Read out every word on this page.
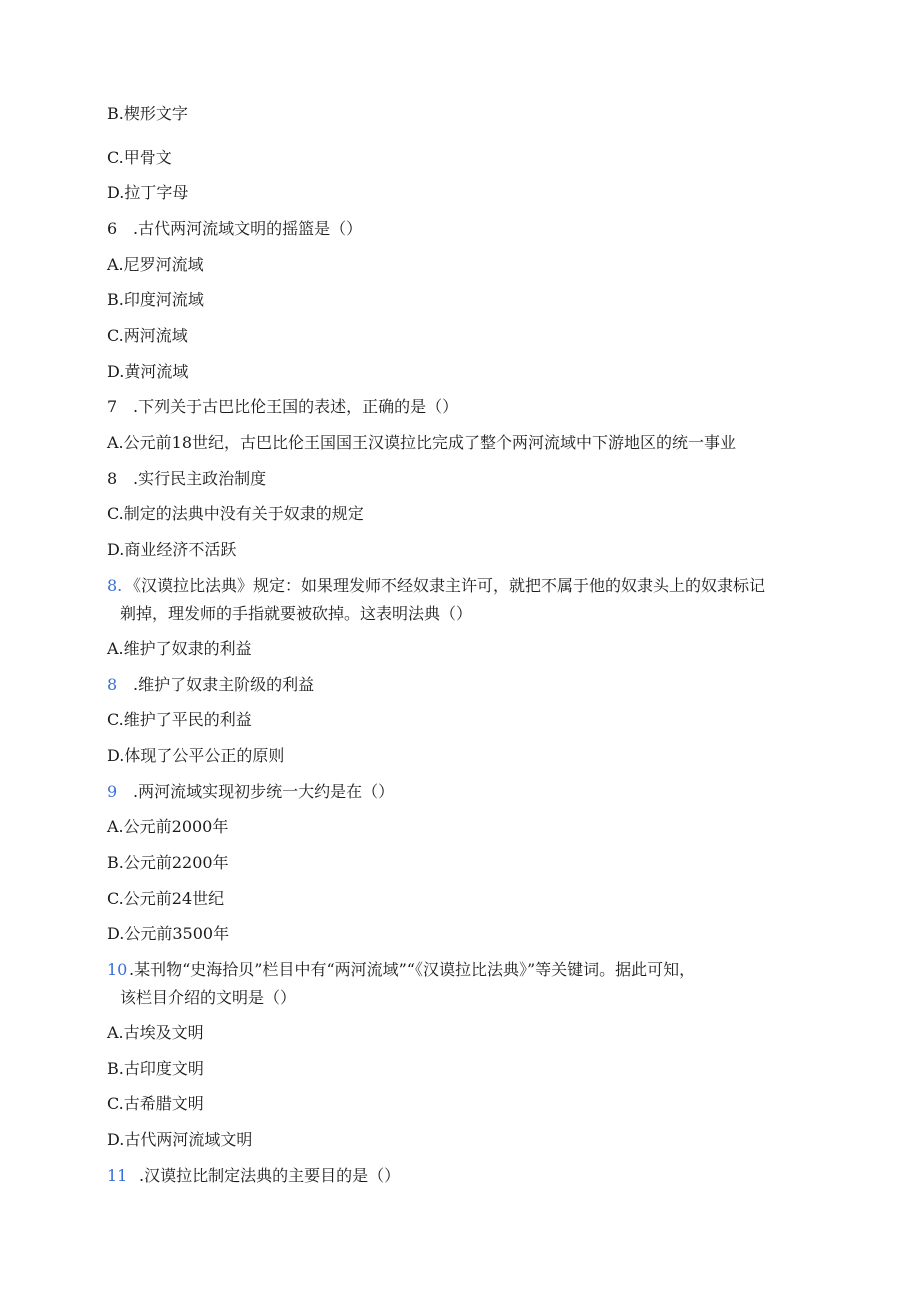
B.楔形文字
C.甲骨文
D.拉丁字母
6 .古代两河流域文明的摇篮是（）
A.尼罗河流域
B.印度河流域
C.两河流域
D.黄河流域
7 .下列关于古巴比伦王国的表述，正确的是（）
A.公元前18世纪，古巴比伦王国国王汉谟拉比完成了整个两河流域中下游地区的统一事业
8 .实行民主政治制度
C.制定的法典中没有关于奴隶的规定
D.商业经济不活跃
8. 《汉谟拉比法典》规定：如果理发师不经奴隶主许可，就把不属于他的奴隶头上的奴隶标记
剃掉，理发师的手指就要被砍掉。这表明法典（）
A.维护了奴隶的利益
8 .维护了奴隶主阶级的利益
C.维护了平民的利益
D.体现了公平公正的原则
9 .两河流域实现初步统一大约是在（）
A.公元前2000年
B.公元前2200年
C.公元前24世纪
D.公元前3500年
10 .某刊物“史海拾贝”栏目中有“两河流域”“《汉谟拉比法典》”等关键词。据此可知，
该栏目介绍的文明是（）
A.古埃及文明
B.古印度文明
C.古希腊文明
D.古代两河流域文明
11 .汉谟拉比制定法典的主要目的是（）
